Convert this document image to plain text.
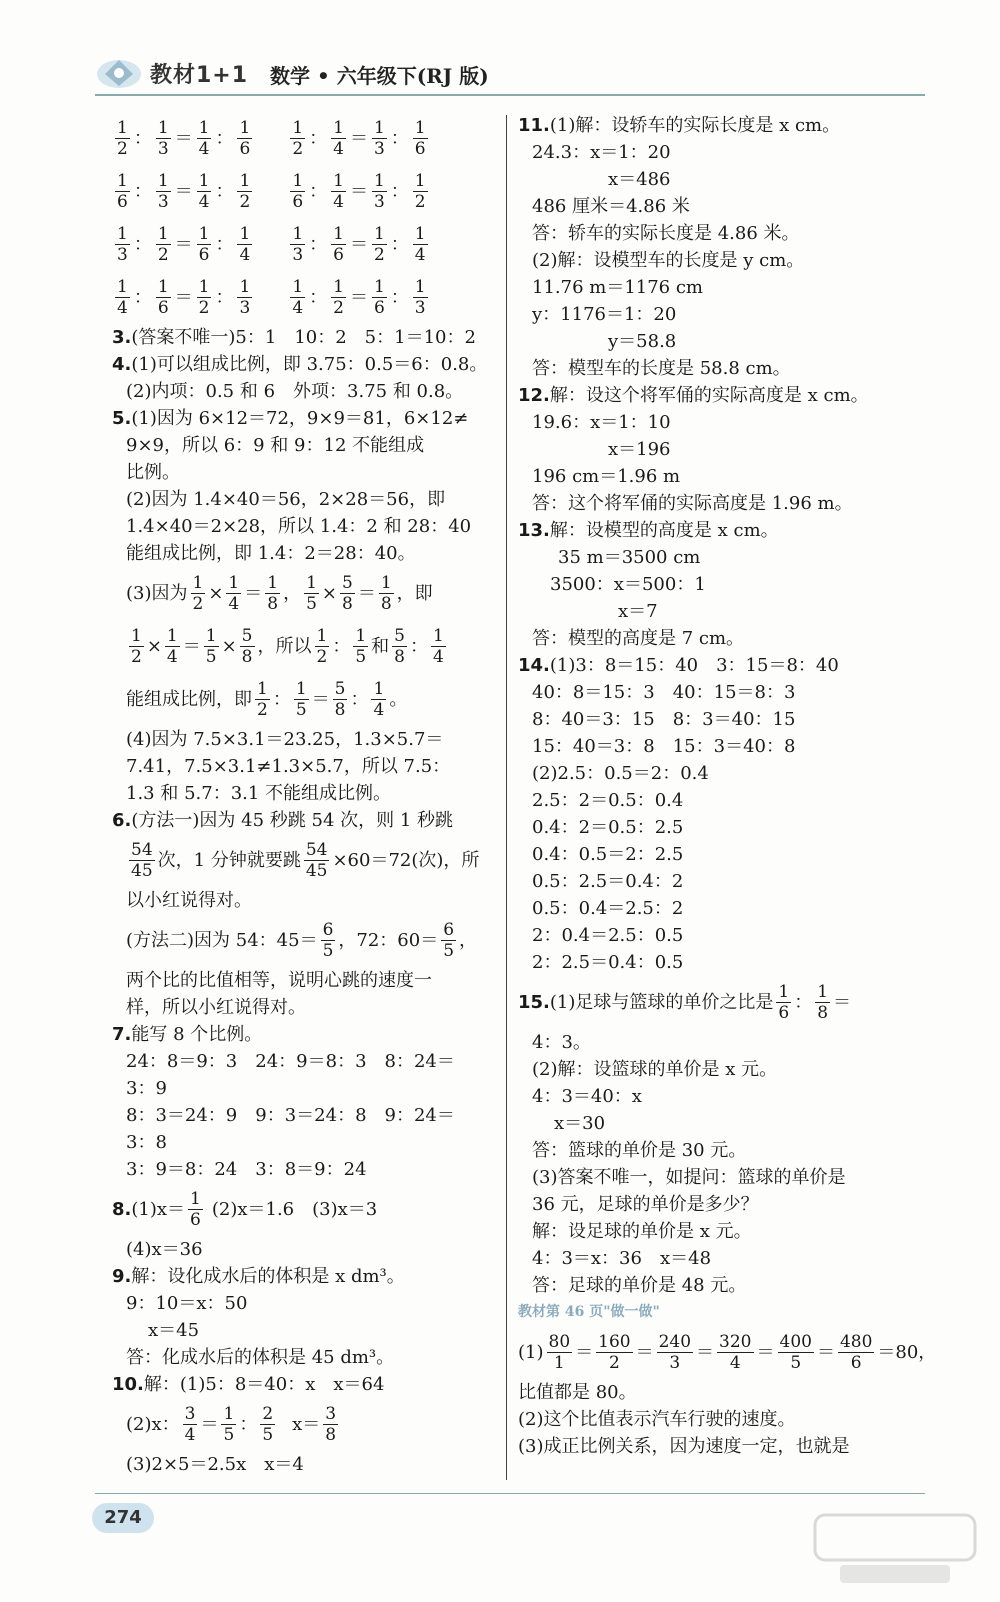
教材1+1 数学 • 六年级下(RJ 版)
$\frac{1}{2}$ ： $\frac{1}{3} = \frac{1}{4}$ ： $\frac{1}{6} \frac{1}{2}$ ： $\frac{1}{4} = \frac{1}{3}$ ： $\frac{1}{6}$
$\frac{1}{6}$ ： $\frac{1}{3} = \frac{1}{4}$ ： $\frac{1}{2} \frac{1}{6}$ ： $\frac{1}{4} = \frac{1}{3}$ ： $\frac{1}{2}$
$\frac{1}{3}$ ： $\frac{1}{2} = \frac{1}{6}$ ： $\frac{1}{4} \frac{1}{3}$ ： $\frac{1}{6} = \frac{1}{2}$ ： $\frac{1}{4}$
$\frac{1}{4}$ ： $\frac{1}{6} = \frac{1}{2}$ ： $\frac{1}{3} \frac{1}{4}$ ： $\frac{1}{2} = \frac{1}{6}$ ： $\frac{1}{3}$
3.(答案不唯一)5：1　10：2　5：1＝10：2
4.(1)可以组成比例，即 3.75：0.5＝6：0.8。
(2)内项：0.5 和 6　外项：3.75 和 0.8。
5.(1)因为 6×12＝72，9×9＝81，6×12≠
9×9，所以 6：9 和 9：12 不能组成
比例。
(2)因为 1.4×40＝56，2×28＝56，即
1.4×40＝2×28，所以 1.4：2 和 28：40
能组成比例，即 1.4：2＝28：40。
(3)因为 $\frac{1}{2} \times \frac{1}{4} = \frac{1}{8}$ ， $\frac{1}{5} \times \frac{5}{8} = \frac{1}{8}$ ，即
$\frac{1}{2} \times \frac{1}{4} = \frac{1}{5} \times \frac{5}{8}$ ，所以 $\frac{1}{2}$ ： $\frac{1}{5}$ 和 $\frac{5}{8}$ ： $\frac{1}{4}$
能组成比例，即 $\frac{1}{2}$ ： $\frac{1}{5} = \frac{5}{8}$ ： $\frac{1}{4}$ 。
(4)因为 7.5×3.1＝23.25，1.3×5.7＝
7.41，7.5×3.1≠1.3×5.7，所以 7.5：
1.3 和 5.7：3.1 不能组成比例。
6.(方法一)因为 45 秒跳 54 次，则 1 秒跳
$\frac{54}{45}$ 次，1 分钟就要跳 $\frac{54}{45} \times 60=72$(次)，所
以小红说得对。
(方法二)因为 54：$45= \frac{6}{5}$ ，72：$60= \frac{6}{5}$ ，
两个比的比值相等，说明心跳的速度一
样，所以小红说得对。
7.能写 8 个比例。
24：8＝9：3　24：9＝8：3　8：24＝
3：9
8：3＝24：9　9：3＝24：8　9：24＝
3：8
3：9＝8：24　3：8＝9：24
8. $(1)x= \frac{1}{6} (2)x=1.6$　(3)x＝3
(4)x＝36
9.解：设化成水后的体积是 x dm³。
9：10＝x：50
x＝45
答：化成水后的体积是 45 dm³。
10.解：(1)5：8＝40：x　x＝64
(2)x： $\frac{3}{4} = \frac{1}{5}$ ： $\frac{2}{5} x= \frac{3}{8}$
(3)2×5＝2.5x　x＝4
11.(1)解：设轿车的实际长度是 x cm。
24.3：x＝1：20
x＝486
486 厘米＝4.86 米
答：轿车的实际长度是 4.86 米。
(2)解：设模型车的长度是 y cm。
11.76 m＝1176 cm
y：1176＝1：20
y＝58.8
答：模型车的长度是 58.8 cm。
12.解：设这个将军俑的实际高度是 x cm。
19.6：x＝1：10
x＝196
196 cm＝1.96 m
答：这个将军俑的实际高度是 1.96 m。
13.解：设模型的高度是 x cm。
35 m＝3500 cm
3500：x＝500：1
x＝7
答：模型的高度是 7 cm。
14.(1)3：8＝15：40　3：15＝8：40
40：8＝15：3　40：15＝8：3
8：40＝3：15　8：3＝40：15
15：40＝3：8　15：3＝40：8
(2)2.5：0.5＝2：0.4
2.5：2＝0.5：0.4
0.4：2＝0.5：2.5
0.4：0.5＝2：2.5
0.5：2.5＝0.4：2
0.5：0.4＝2.5：2
2：0.4＝2.5：0.5
2：2.5＝0.4：0.5
15. (1)足球与篮球的单价之比是 $\frac{1}{6}$ ： $\frac{1}{8}$ ＝
4：3。
(2)解：设篮球的单价是 x 元。
4：3＝40：x
x＝30
答：篮球的单价是 30 元。
(3)答案不唯一，如提问：篮球的单价是
36 元，足球的单价是多少？
解：设足球的单价是 x 元。
4：3＝x：36　x＝48
答：足球的单价是 48 元。
教材第 46 页"做一做"
$(1) \frac{80}{1} = \frac{160}{2} = \frac{240}{3} = \frac{320}{4} = \frac{400}{5} = \frac{480}{6} =80$，
比值都是 80。
(2)这个比值表示汽车行驶的速度。
(3)成正比例关系，因为速度一定，也就是
274
